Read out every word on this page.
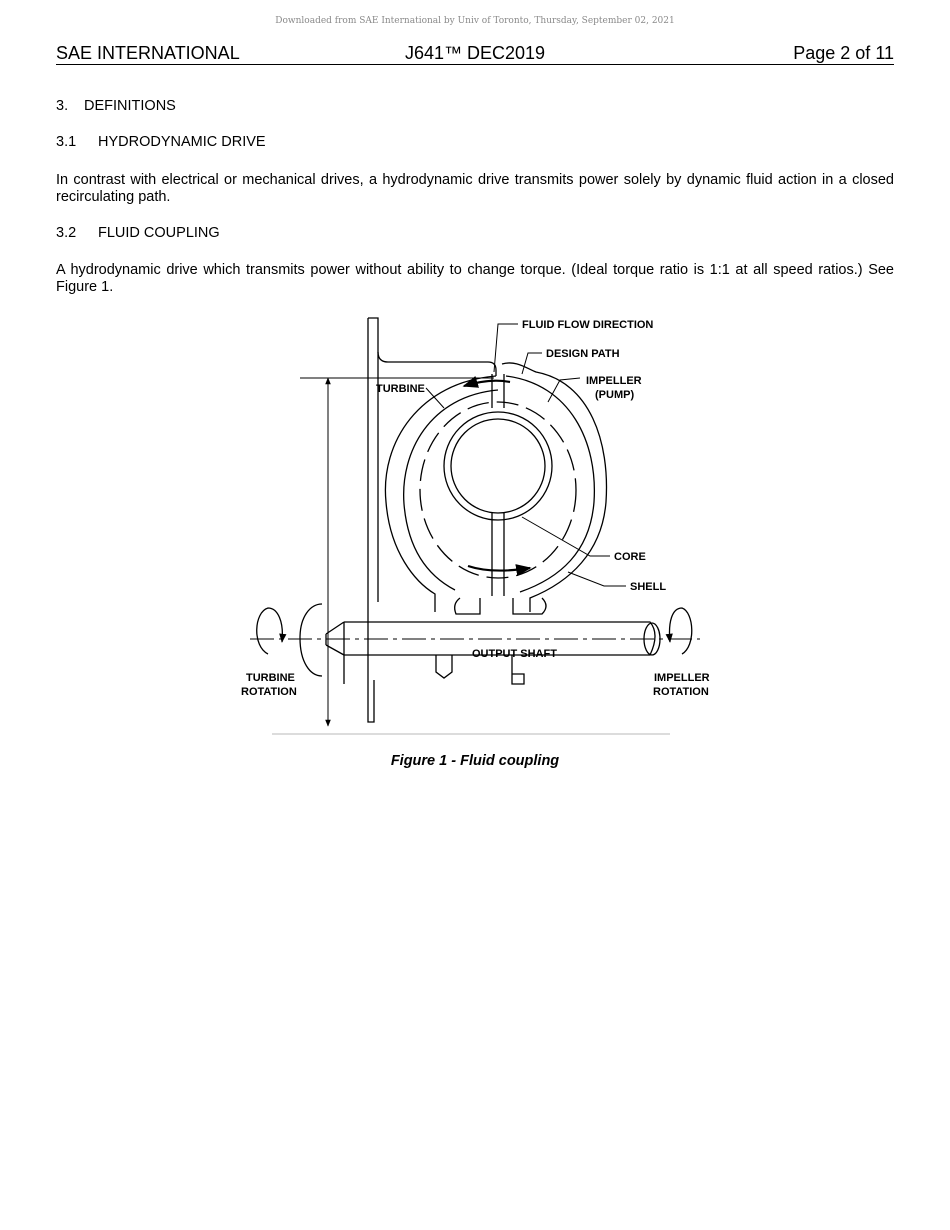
Downloaded from SAE International by Univ of Toronto, Thursday, September 02, 2021
SAE INTERNATIONAL	J641™ DEC2019	Page 2 of 11
3. DEFINITIONS
3.1 HYDRODYNAMIC DRIVE
In contrast with electrical or mechanical drives, a hydrodynamic drive transmits power solely by dynamic fluid action in a closed recirculating path.
3.2 FLUID COUPLING
A hydrodynamic drive which transmits power without ability to change torque. (Ideal torque ratio is 1:1 at all speed ratios.) See Figure 1.
FLUID FLOW DIRECTION
DESIGN PATH
TURBINE
IMPELLER
(PUMP)
CORE
SHELL
OUTPUT SHAFT
TURBINE
ROTATION
IMPELLER
ROTATION
Figure 1 - Fluid coupling
